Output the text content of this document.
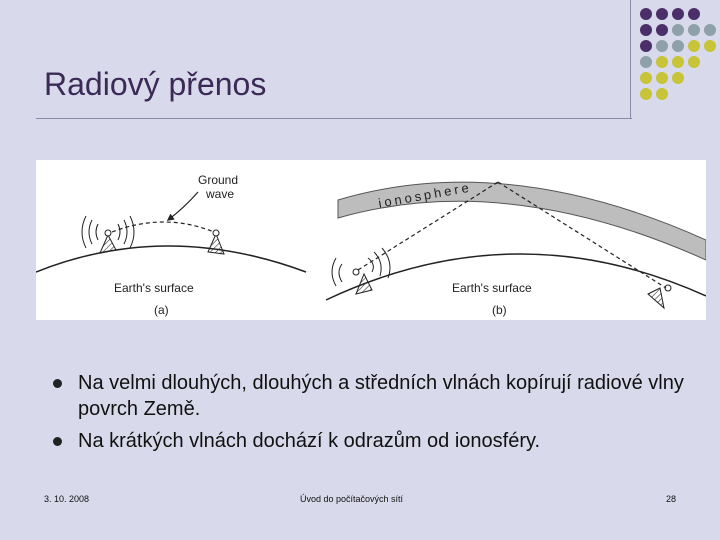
Radiový přenos
Ground
wave
Earth's surface
(a)
ionosphere
Earth's surface
(b)
Na velmi dlouhých, dlouhých a středních vlnách kopírují radiové vlny povrch Země.
Na krátkých vlnách dochází k odrazům od ionosféry.
3. 10. 2008	Úvod do počítačových sítí	28
